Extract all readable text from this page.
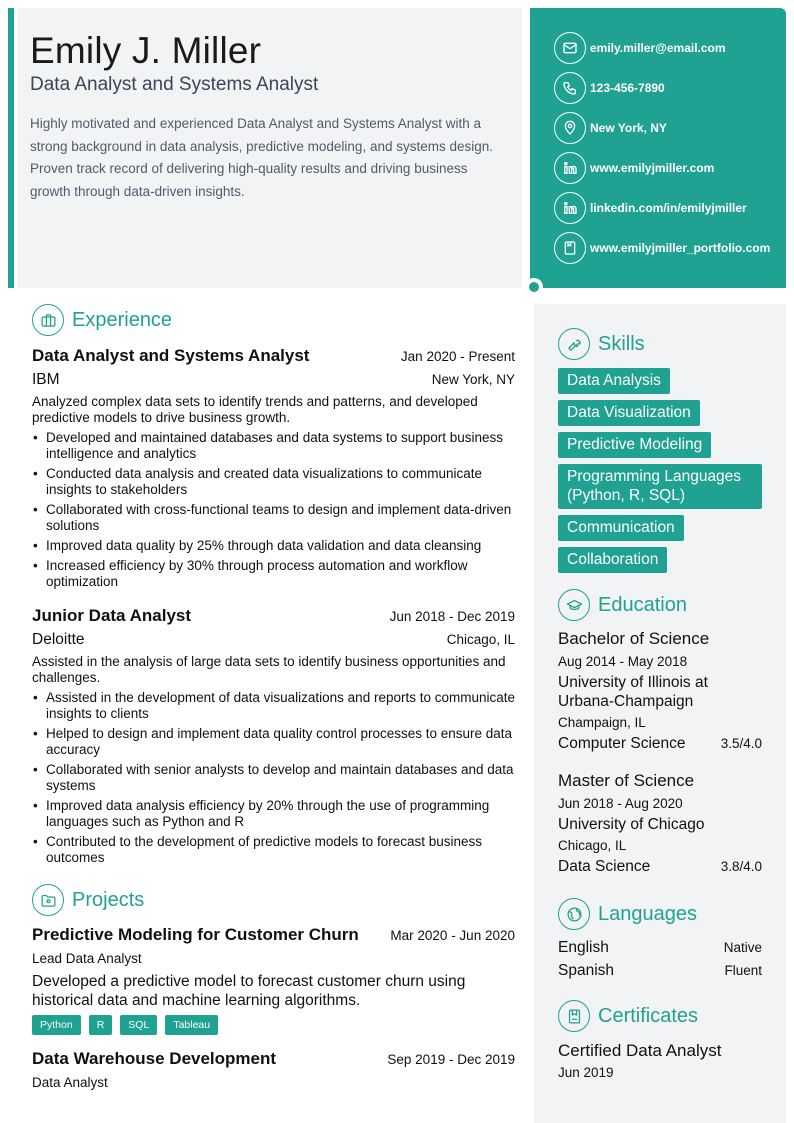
Emily J. Miller
Data Analyst and Systems Analyst
Highly motivated and experienced Data Analyst and Systems Analyst with a strong background in data analysis, predictive modeling, and systems design. Proven track record of delivering high-quality results and driving business growth through data-driven insights.
emily.miller@email.com
123-456-7890
New York, NY
www.emilyjmiller.com
linkedin.com/in/emilyjmiller
www.emilyjmiller_portfolio.com
Experience
Data Analyst and Systems Analyst	Jan 2020 - Present
IBM	New York, NY
Analyzed complex data sets to identify trends and patterns, and developed predictive models to drive business growth.
• Developed and maintained databases and data systems to support business intelligence and analytics
• Conducted data analysis and created data visualizations to communicate insights to stakeholders
• Collaborated with cross-functional teams to design and implement data-driven solutions
• Improved data quality by 25% through data validation and data cleansing
• Increased efficiency by 30% through process automation and workflow optimization
Junior Data Analyst	Jun 2018 - Dec 2019
Deloitte	Chicago, IL
Assisted in the analysis of large data sets to identify business opportunities and challenges.
• Assisted in the development of data visualizations and reports to communicate insights to clients
• Helped to design and implement data quality control processes to ensure data accuracy
• Collaborated with senior analysts to develop and maintain databases and data systems
• Improved data analysis efficiency by 20% through the use of programming languages such as Python and R
• Contributed to the development of predictive models to forecast business outcomes
Projects
Predictive Modeling for Customer Churn Mar 2020 - Jun 2020
Lead Data Analyst
Developed a predictive model to forecast customer churn using historical data and machine learning algorithms.
Python	R	SQL	Tableau
Data Warehouse Development	Sep 2019 - Dec 2019
Data Analyst
Skills
Data Analysis
Data Visualization
Predictive Modeling
Programming Languages (Python, R, SQL)
Communication
Collaboration
Education
Bachelor of Science
Aug 2014 - May 2018
University of Illinois at Urbana-Champaign
Champaign, IL
Computer Science	3.5/4.0
Master of Science
Jun 2018 - Aug 2020
University of Chicago
Chicago, IL
Data Science	3.8/4.0
Languages
English	Native
Spanish	Fluent
Certificates
Certified Data Analyst
Jun 2019
